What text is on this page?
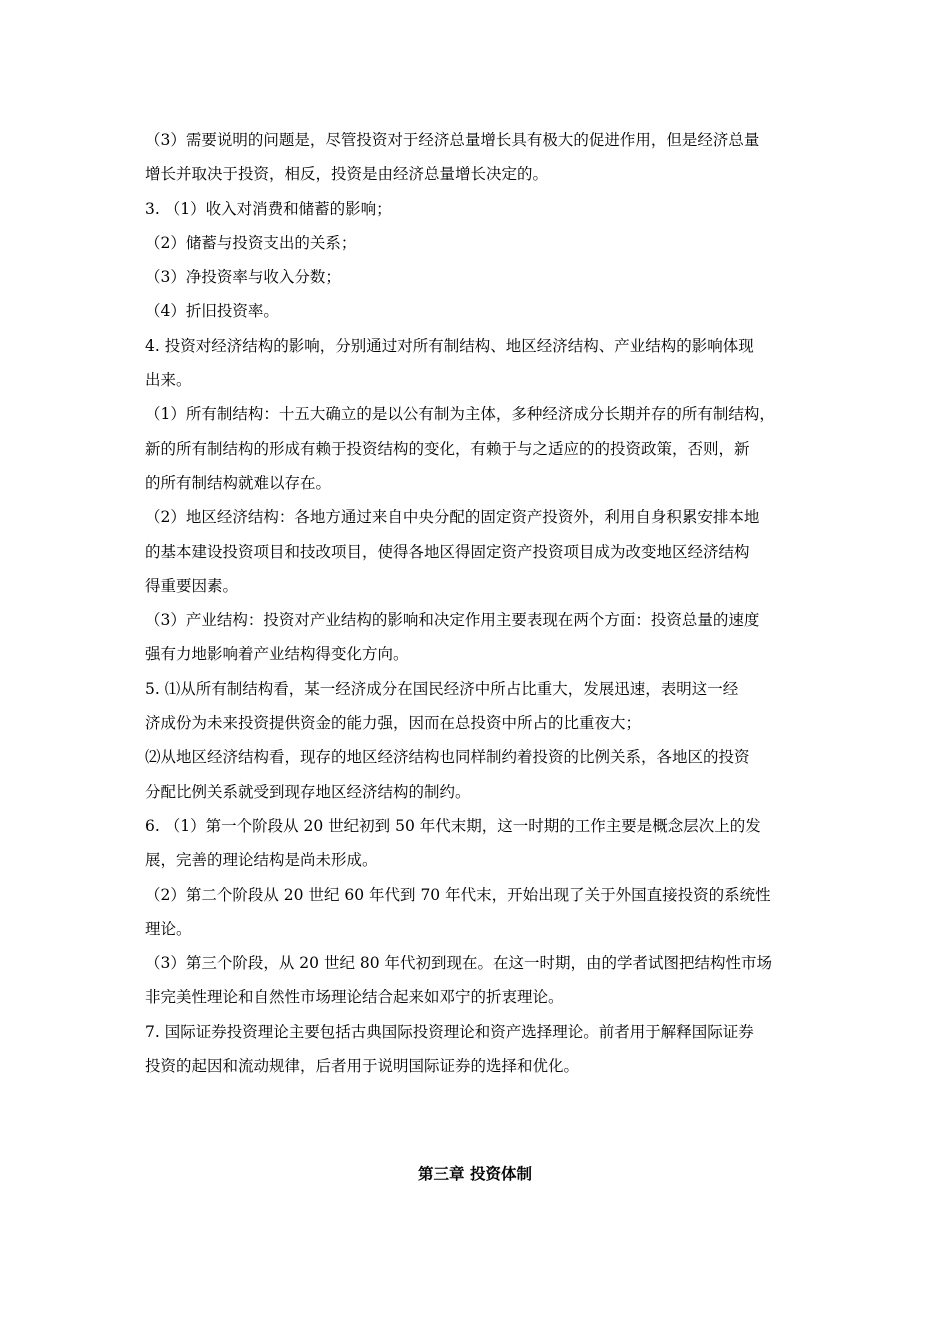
（3）需要说明的问题是，尽管投资对于经济总量增长具有极大的促进作用，但是经济总量

增长并取决于投资，相反，投资是由经济总量增长决定的。

3. （1）收入对消费和储蓄的影响；

（2）储蓄与投资支出的关系；

（3）净投资率与收入分数；

（4）折旧投资率。

4. 投资对经济结构的影响，分别通过对所有制结构、地区经济结构、产业结构的影响体现

出来。

（1）所有制结构：十五大确立的是以公有制为主体，多种经济成分长期并存的所有制结构，

新的所有制结构的形成有赖于投资结构的变化，有赖于与之适应的的投资政策，否则，新

的所有制结构就难以存在。

（2）地区经济结构：各地方通过来自中央分配的固定资产投资外，利用自身积累安排本地

的基本建设投资项目和技改项目，使得各地区得固定资产投资项目成为改变地区经济结构

得重要因素。

（3）产业结构：投资对产业结构的影响和决定作用主要表现在两个方面：投资总量的速度

强有力地影响着产业结构得变化方向。

5. ⑴从所有制结构看，某一经济成分在国民经济中所占比重大，发展迅速，表明这一经

济成份为未来投资提供资金的能力强，因而在总投资中所占的比重夜大；

⑵从地区经济结构看，现存的地区经济结构也同样制约着投资的比例关系，各地区的投资

分配比例关系就受到现存地区经济结构的制约。

6. （1）第一个阶段从 20 世纪初到 50 年代末期，这一时期的工作主要是概念层次上的发

展，完善的理论结构是尚未形成。

（2）第二个阶段从 20 世纪 60 年代到 70 年代末，开始出现了关于外国直接投资的系统性

理论。

（3）第三个阶段，从 20 世纪 80 年代初到现在。在这一时期，由的学者试图把结构性市场

非完美性理论和自然性市场理论结合起来如邓宁的折衷理论。

7. 国际证券投资理论主要包括古典国际投资理论和资产选择理论。前者用于解释国际证券

投资的起因和流动规律，后者用于说明国际证券的选择和优化。

第三章 投资体制
